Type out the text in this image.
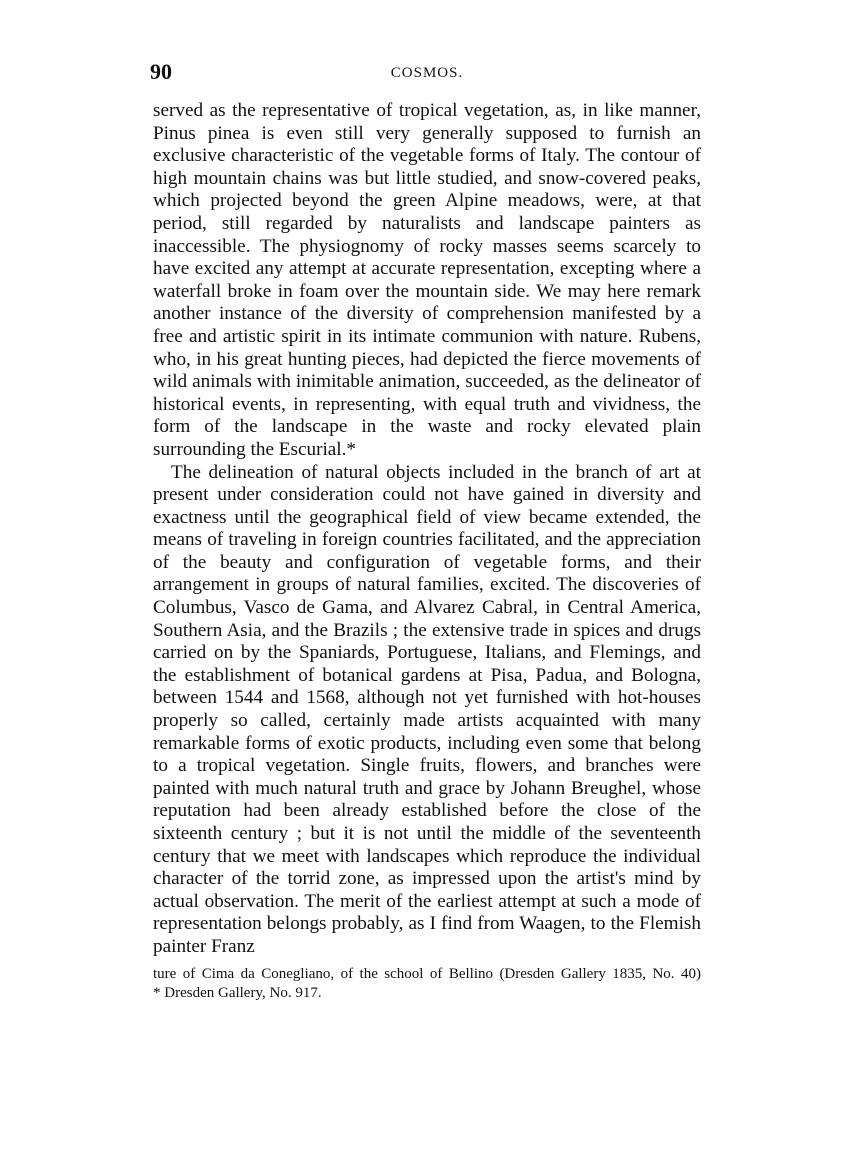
90	COSMOS.

served as the representative of tropical vegetation, as, in like manner, Pinus pinea is even still very generally supposed to furnish an exclusive characteristic of the vegetable forms of Italy. The contour of high mountain chains was but little studied, and snow-covered peaks, which projected beyond the green Alpine meadows, were, at that period, still regarded by naturalists and landscape painters as inaccessible. The physiognomy of rocky masses seems scarcely to have excited any attempt at accurate representation, excepting where a waterfall broke in foam over the mountain side. We may here remark another instance of the diversity of comprehension manifested by a free and artistic spirit in its intimate communion with nature. Rubens, who, in his great hunting pieces, had depicted the fierce movements of wild animals with inimitable animation, succeeded, as the delineator of historical events, in representing, with equal truth and vividness, the form of the landscape in the waste and rocky elevated plain surrounding the Escurial.*

The delineation of natural objects included in the branch of art at present under consideration could not have gained in diversity and exactness until the geographical field of view became extended, the means of traveling in foreign countries facilitated, and the appreciation of the beauty and configuration of vegetable forms, and their arrangement in groups of natural families, excited. The discoveries of Columbus, Vasco de Gama, and Alvarez Cabral, in Central America, Southern Asia, and the Brazils ; the extensive trade in spices and drugs carried on by the Spaniards, Portuguese, Italians, and Flemings, and the establishment of botanical gardens at Pisa, Padua, and Bologna, between 1544 and 1568, although not yet furnished with hot-houses properly so called, certainly made artists acquainted with many remarkable forms of exotic products, including even some that belong to a tropical vegetation. Single fruits, flowers, and branches were painted with much natural truth and grace by Johann Breughel, whose reputation had been already established before the close of the sixteenth century ; but it is not until the middle of the seventeenth century that we meet with landscapes which reproduce the individual character of the torrid zone, as impressed upon the artist's mind by actual observation. The merit of the earliest attempt at such a mode of representation belongs probably, as I find from Waagen, to the Flemish painter Franz

ture of Cima da Conegliano, of the school of Bellino (Dresden Gallery 1835, No. 40)                         * Dresden Gallery, No. 917.
